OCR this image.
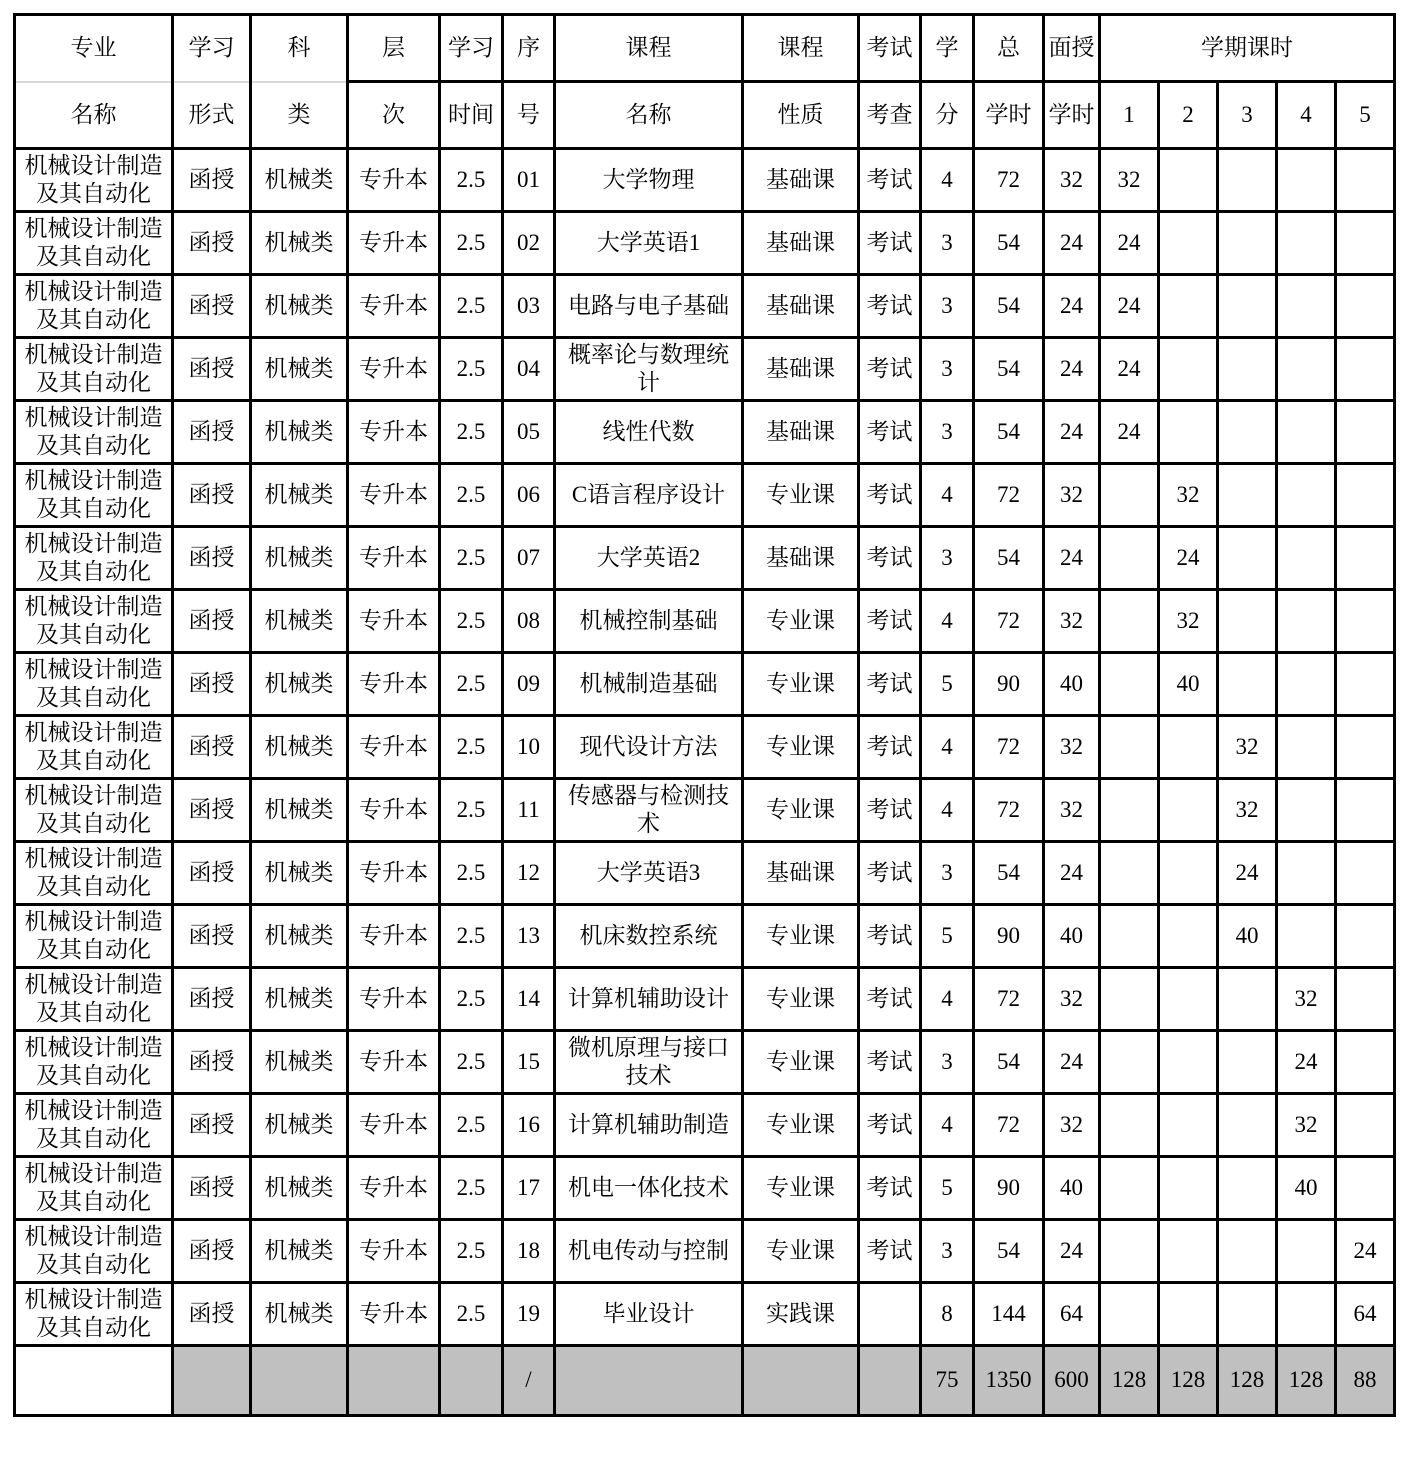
专业	学习	科	层	学习	序	课程	课程	考试	学	总	面授	学期课时				
名称	形式	类	次	时间	号	名称	性质	考查	分	学时	学时	1	2	3	4	5
机械设计制造及其自动化	函授	机械类	专升本	2.5	01	大学物理	基础课	考试	4	72	32	32				
机械设计制造及其自动化	函授	机械类	专升本	2.5	02	大学英语1	基础课	考试	3	54	24	24				
机械设计制造及其自动化	函授	机械类	专升本	2.5	03	电路与电子基础	基础课	考试	3	54	24	24				
机械设计制造及其自动化	函授	机械类	专升本	2.5	04	概率论与数理统计	基础课	考试	3	54	24	24				
机械设计制造及其自动化	函授	机械类	专升本	2.5	05	线性代数	基础课	考试	3	54	24	24				
机械设计制造及其自动化	函授	机械类	专升本	2.5	06	C语言程序设计	专业课	考试	4	72	32		32			
机械设计制造及其自动化	函授	机械类	专升本	2.5	07	大学英语2	基础课	考试	3	54	24		24			
机械设计制造及其自动化	函授	机械类	专升本	2.5	08	机械控制基础	专业课	考试	4	72	32		32			
机械设计制造及其自动化	函授	机械类	专升本	2.5	09	机械制造基础	专业课	考试	5	90	40		40			
机械设计制造及其自动化	函授	机械类	专升本	2.5	10	现代设计方法	专业课	考试	4	72	32			32		
机械设计制造及其自动化	函授	机械类	专升本	2.5	11	传感器与检测技术	专业课	考试	4	72	32			32		
机械设计制造及其自动化	函授	机械类	专升本	2.5	12	大学英语3	基础课	考试	3	54	24			24		
机械设计制造及其自动化	函授	机械类	专升本	2.5	13	机床数控系统	专业课	考试	5	90	40			40		
机械设计制造及其自动化	函授	机械类	专升本	2.5	14	计算机辅助设计	专业课	考试	4	72	32				32	
机械设计制造及其自动化	函授	机械类	专升本	2.5	15	微机原理与接口技术	专业课	考试	3	54	24				24	
机械设计制造及其自动化	函授	机械类	专升本	2.5	16	计算机辅助制造	专业课	考试	4	72	32				32	
机械设计制造及其自动化	函授	机械类	专升本	2.5	17	机电一体化技术	专业课	考试	5	90	40				40	
机械设计制造及其自动化	函授	机械类	专升本	2.5	18	机电传动与控制	专业课	考试	3	54	24					24
机械设计制造及其自动化	函授	机械类	专升本	2.5	19	毕业设计	实践课		8	144	64					64
					/				75	1350	600	128	128	128	128	88
